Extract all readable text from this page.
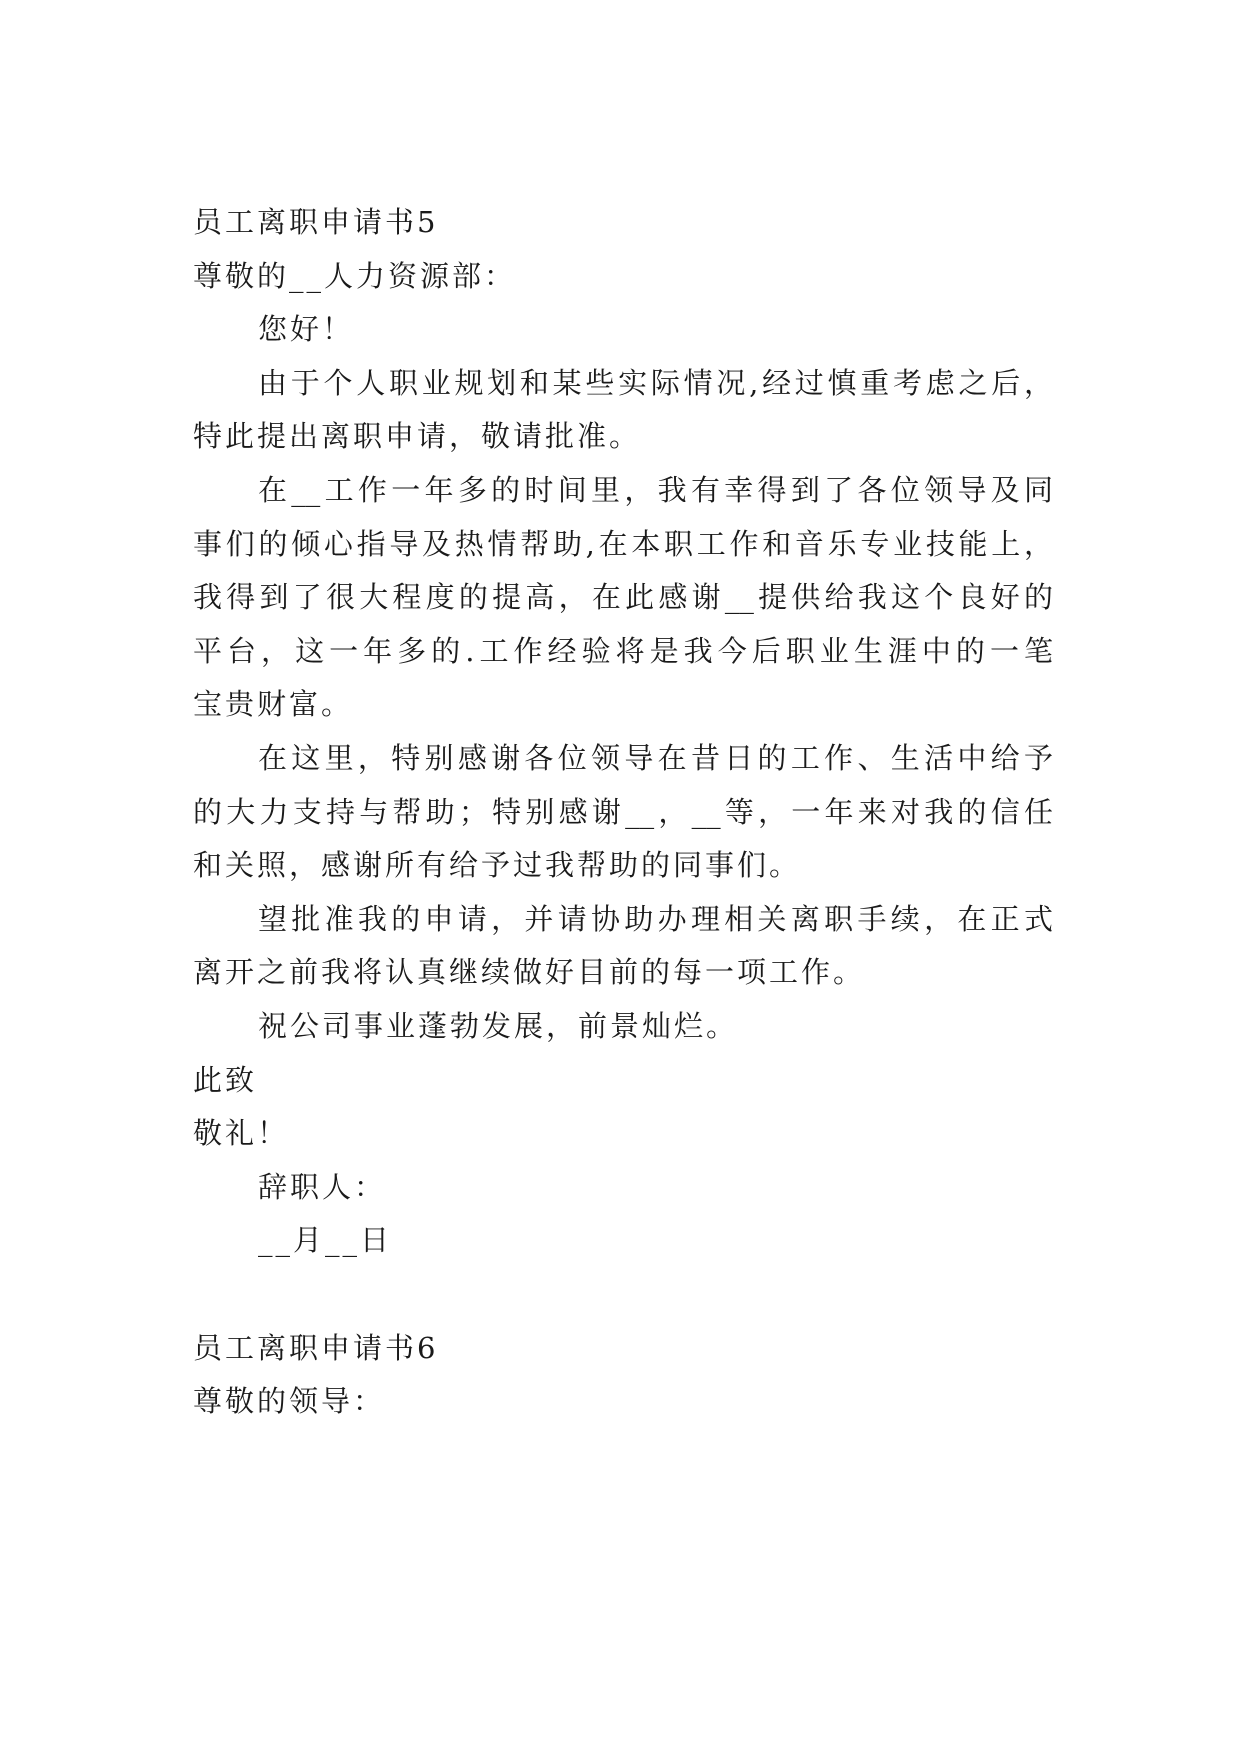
员工离职申请书5
尊敬的__人力资源部：
您好！
由于个人职业规划和某些实际情况,经过慎重考虑之后，
特此提出离职申请，敬请批准。
在__工作一年多的时间里，我有幸得到了各位领导及同
事们的倾心指导及热情帮助,在本职工作和音乐专业技能上，
我得到了很大程度的提高，在此感谢__提供给我这个良好的
平台，这一年多的.工作经验将是我今后职业生涯中的一笔
宝贵财富。
在这里，特别感谢各位领导在昔日的工作、生活中给予
的大力支持与帮助；特别感谢__，__等，一年来对我的信任
和关照，感谢所有给予过我帮助的同事们。
望批准我的申请，并请协助办理相关离职手续，在正式
离开之前我将认真继续做好目前的每一项工作。
祝公司事业蓬勃发展，前景灿烂。
此致
敬礼！
辞职人：
__月__日
员工离职申请书6
尊敬的领导：
